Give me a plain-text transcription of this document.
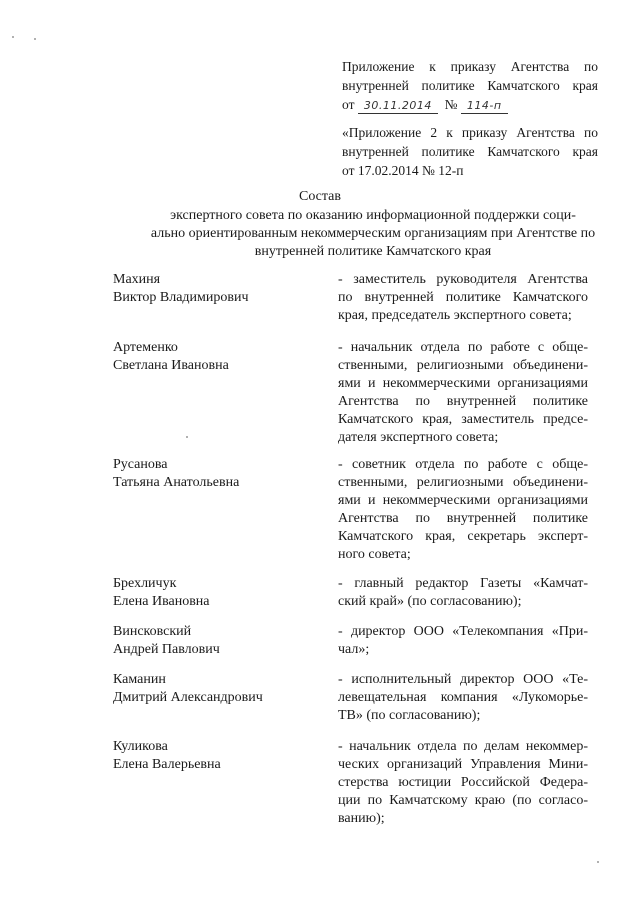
Приложение к приказу Агентства по

внутренней политике Камчатского края

от 30.11.2014 № 114-п

«Приложение 2 к приказу Агентства по

внутренней политике Камчатского края

от 17.02.2014 № 12-п

Состав
экспертного совета по оказанию информационной поддержки соци-
ально ориентированным некоммерческим организациям при Агентстве по
внутренней политике Камчатского края
Махиня
Виктор Владимирович
- заместитель руководителя Агентства
по внутренней политике Камчатского
края, председатель экспертного совета;
Артеменко
Светлана Ивановна
- начальник отдела по работе с обще-
ственными, религиозными объединени-
ями и некоммерческими организациями
Агентства по внутренней политике
Камчатского края, заместитель предсе-
дателя экспертного совета;
Русанова
Татьяна Анатольевна
- советник отдела по работе с обще-
ственными, религиозными объединени-
ями и некоммерческими организациями
Агентства по внутренней политике
Камчатского края, секретарь эксперт-
ного совета;
Брехличук
Елена Ивановна
- главный редактор Газеты «Камчат-
ский край» (по согласованию);
Винсковский
Андрей Павлович
- директор ООО «Телекомпания «При-
чал»;
Каманин
Дмитрий Александрович
- исполнительный директор ООО «Те-
левещательная компания «Лукоморье-
ТВ» (по согласованию);
Куликова
Елена Валерьевна
- начальник отдела по делам некоммер-
ческих организаций Управления Мини-
стерства юстиции Российской Федера-
ции по Камчатскому краю (по согласо-
ванию);
